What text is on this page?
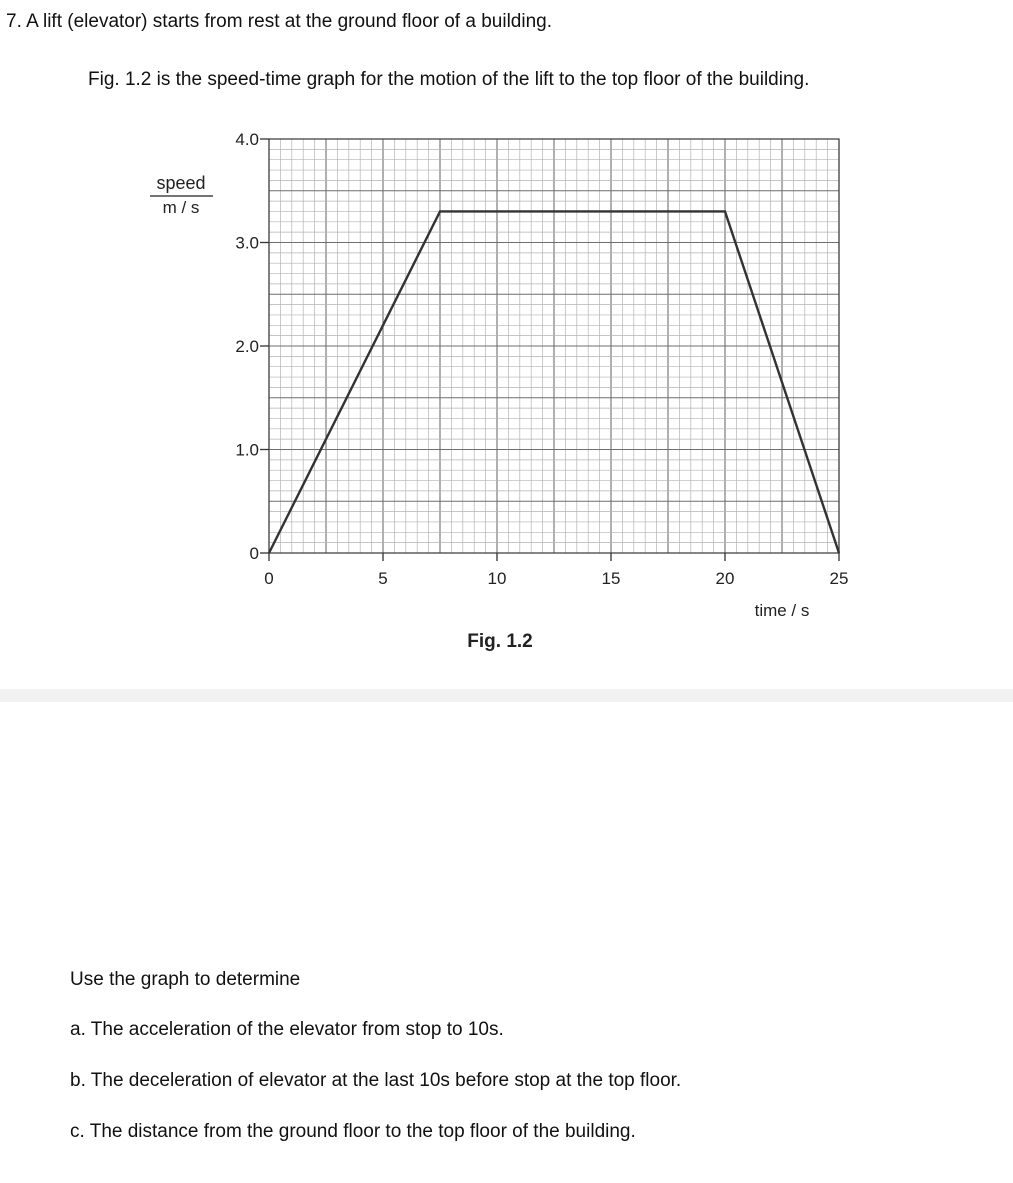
7. A lift (elevator) starts from rest at the ground floor of a building.
Fig. 1.2 is the speed-time graph for the motion of the lift to the top floor of the building.
speed
m / s
time / s
Fig. 1.2
0
1.0
2.0
3.0
4.0
0	5	10	15	20	25
Use the graph to determine
a. The acceleration of the elevator from stop to 10s.
b. The deceleration of elevator at the last 10s before stop at the top floor.
c. The distance from the ground floor to the top floor of the building.
